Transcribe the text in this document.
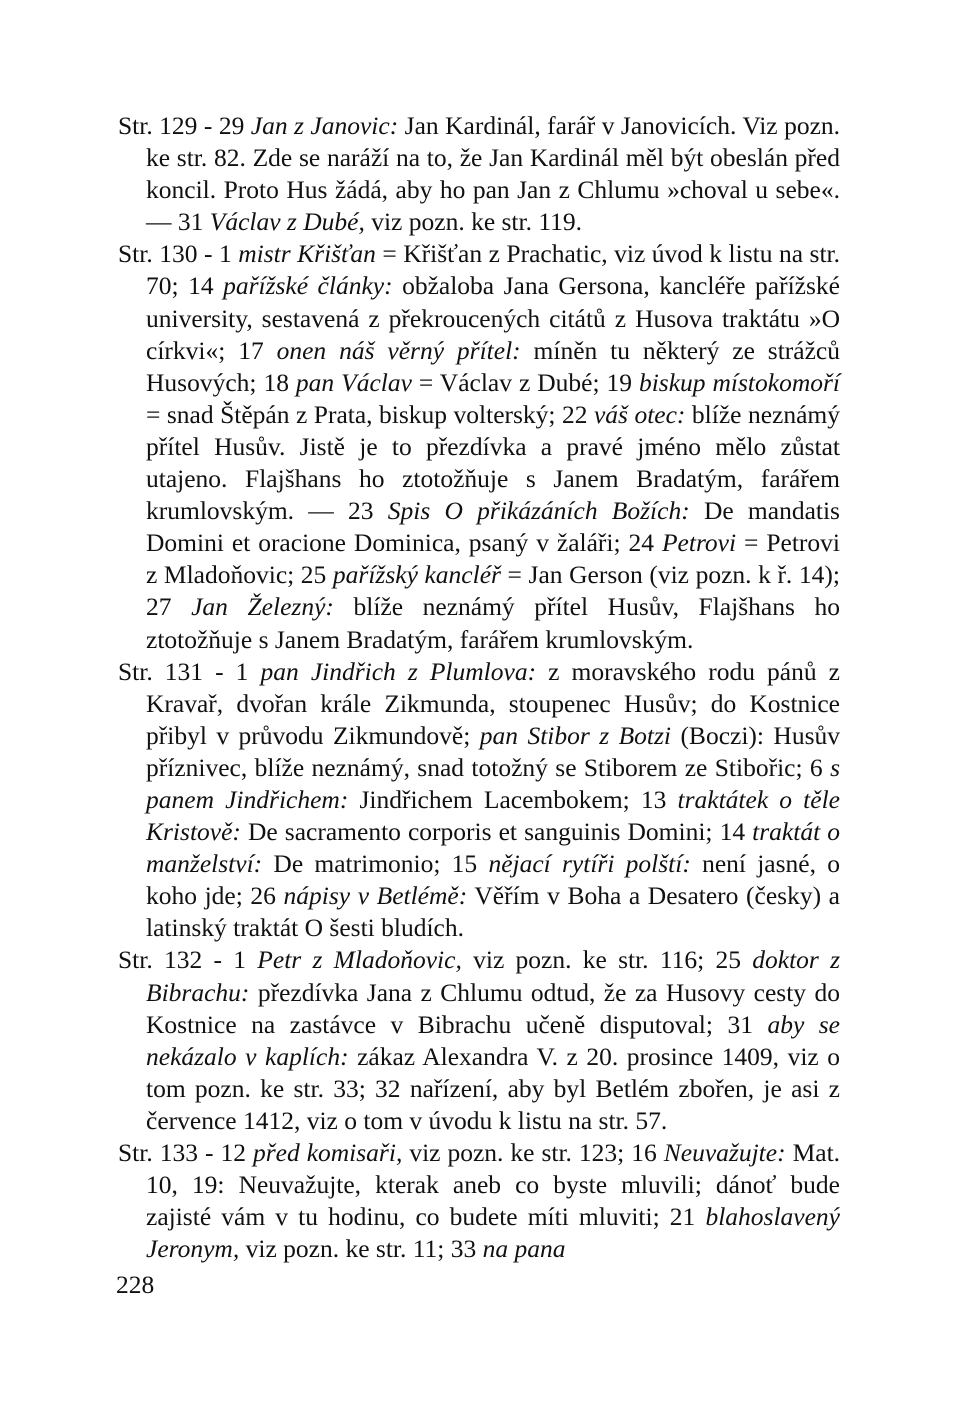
Str. 129 - 29 Jan z Janovic: Jan Kardinál, farář v Janovicích. Viz pozn. ke str. 82. Zde se naráží na to, že Jan Kardinál měl být obeslán před koncil. Proto Hus žádá, aby ho pan Jan z Chlumu »choval u sebe«. — 31 Václav z Dubé, viz pozn. ke str. 119.

Str. 130 - 1 mistr Křišťan = Křišťan z Prachatic, viz úvod k listu na str. 70; 14 pařížské články: obžaloba Jana Gersona, kancléře pařížské university, sestavená z překroucených citátů z Husova traktátu »O církvi«; 17 onen náš věrný přítel: míněn tu některý ze strážců Husových; 18 pan Václav = Václav z Dubé; 19 biskup místokomoří = snad Štěpán z Prata, biskup volterský; 22 váš otec: blíže neznámý přítel Husův. Jistě je to přezdívka a pravé jméno mělo zůstat utajeno. Flajšhans ho ztotožňuje s Janem Bradatým, farářem krumlovským. — 23 Spis O přikázáních Božích: De mandatis Domini et oracione Dominica, psaný v žaláři; 24 Petrovi = Petrovi z Mladoňovic; 25 pařížský kancléř = Jan Gerson (viz pozn. k ř. 14); 27 Jan Železný: blíže neznámý přítel Husův, Flajšhans ho ztotožňuje s Janem Bradatým, farářem krumlovským.

Str. 131 - 1 pan Jindřich z Plumlova: z moravského rodu pánů z Kravař, dvořan krále Zikmunda, stoupenec Husův; do Kostnice přibyl v průvodu Zikmundově; pan Stibor z Botzi (Boczi): Husův příznivec, blíže neznámý, snad totožný se Stiborem ze Stibořic; 6 s panem Jindřichem: Jindřichem Lacembokem; 13 traktátek o těle Kristově: De sacramento corporis et sanguinis Domini; 14 traktát o manželství: De matrimonio; 15 nějací rytíři polští: není jasné, o koho jde; 26 nápisy v Betlémě: Věřím v Boha a Desatero (česky) a latinský traktát O šesti bludích.

Str. 132 - 1 Petr z Mladoňovic, viz pozn. ke str. 116; 25 doktor z Bibrachu: přezdívka Jana z Chlumu odtud, že za Husovy cesty do Kostnice na zastávce v Bibrachu učeně disputoval; 31 aby se nekázalo v kaplích: zákaz Alexandra V. z 20. prosince 1409, viz o tom pozn. ke str. 33; 32 nařízení, aby byl Betlém zbořen, je asi z července 1412, viz o tom v úvodu k listu na str. 57.

Str. 133 - 12 před komisaři, viz pozn. ke str. 123; 16 Neuvažujte: Mat. 10, 19: Neuvažujte, kterak aneb co byste mluvili; dánoť bude zajisté vám v tu hodinu, co budete míti mluviti; 21 blahoslavený Jeronym, viz pozn. ke str. 11; 33 na pana

228
